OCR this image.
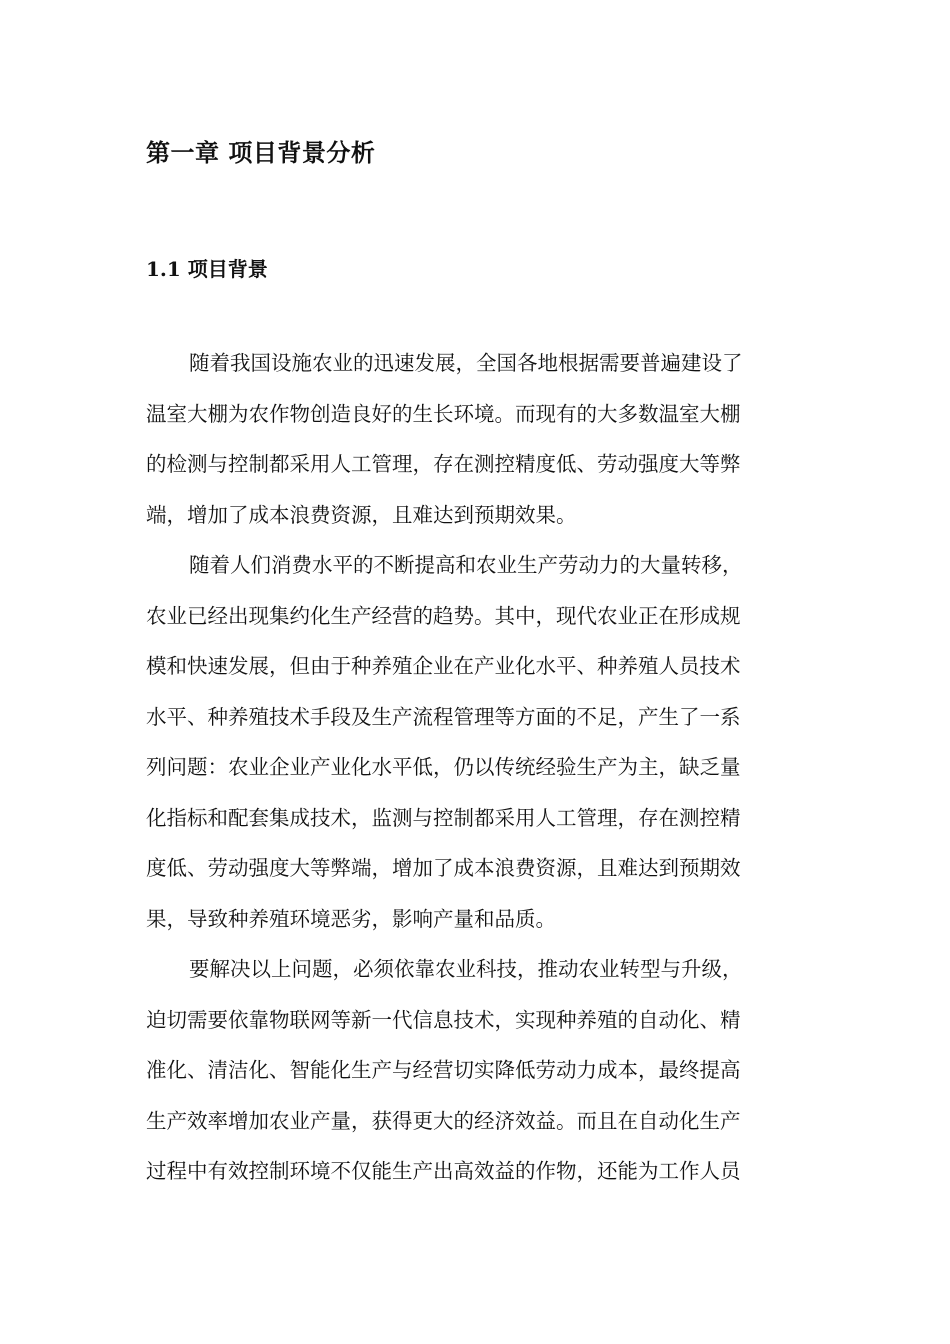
第一章 项目背景分析
1.1 项目背景
随着我国设施农业的迅速发展，全国各地根据需要普遍建设了
温室大棚为农作物创造良好的生长环境。而现有的大多数温室大棚
的检测与控制都采用人工管理，存在测控精度低、劳动强度大等弊
端，增加了成本浪费资源，且难达到预期效果。
随着人们消费水平的不断提高和农业生产劳动力的大量转移，
农业已经出现集约化生产经营的趋势。其中，现代农业正在形成规
模和快速发展，但由于种养殖企业在产业化水平、种养殖人员技术
水平、种养殖技术手段及生产流程管理等方面的不足，产生了一系
列问题：农业企业产业化水平低，仍以传统经验生产为主，缺乏量
化指标和配套集成技术，监测与控制都采用人工管理，存在测控精
度低、劳动强度大等弊端，增加了成本浪费资源，且难达到预期效
果，导致种养殖环境恶劣，影响产量和品质。
要解决以上问题，必须依靠农业科技，推动农业转型与升级，
迫切需要依靠物联网等新一代信息技术，实现种养殖的自动化、精
准化、清洁化、智能化生产与经营切实降低劳动力成本，最终提高
生产效率增加农业产量，获得更大的经济效益。而且在自动化生产
过程中有效控制环境不仅能生产出高效益的作物，还能为工作人员
